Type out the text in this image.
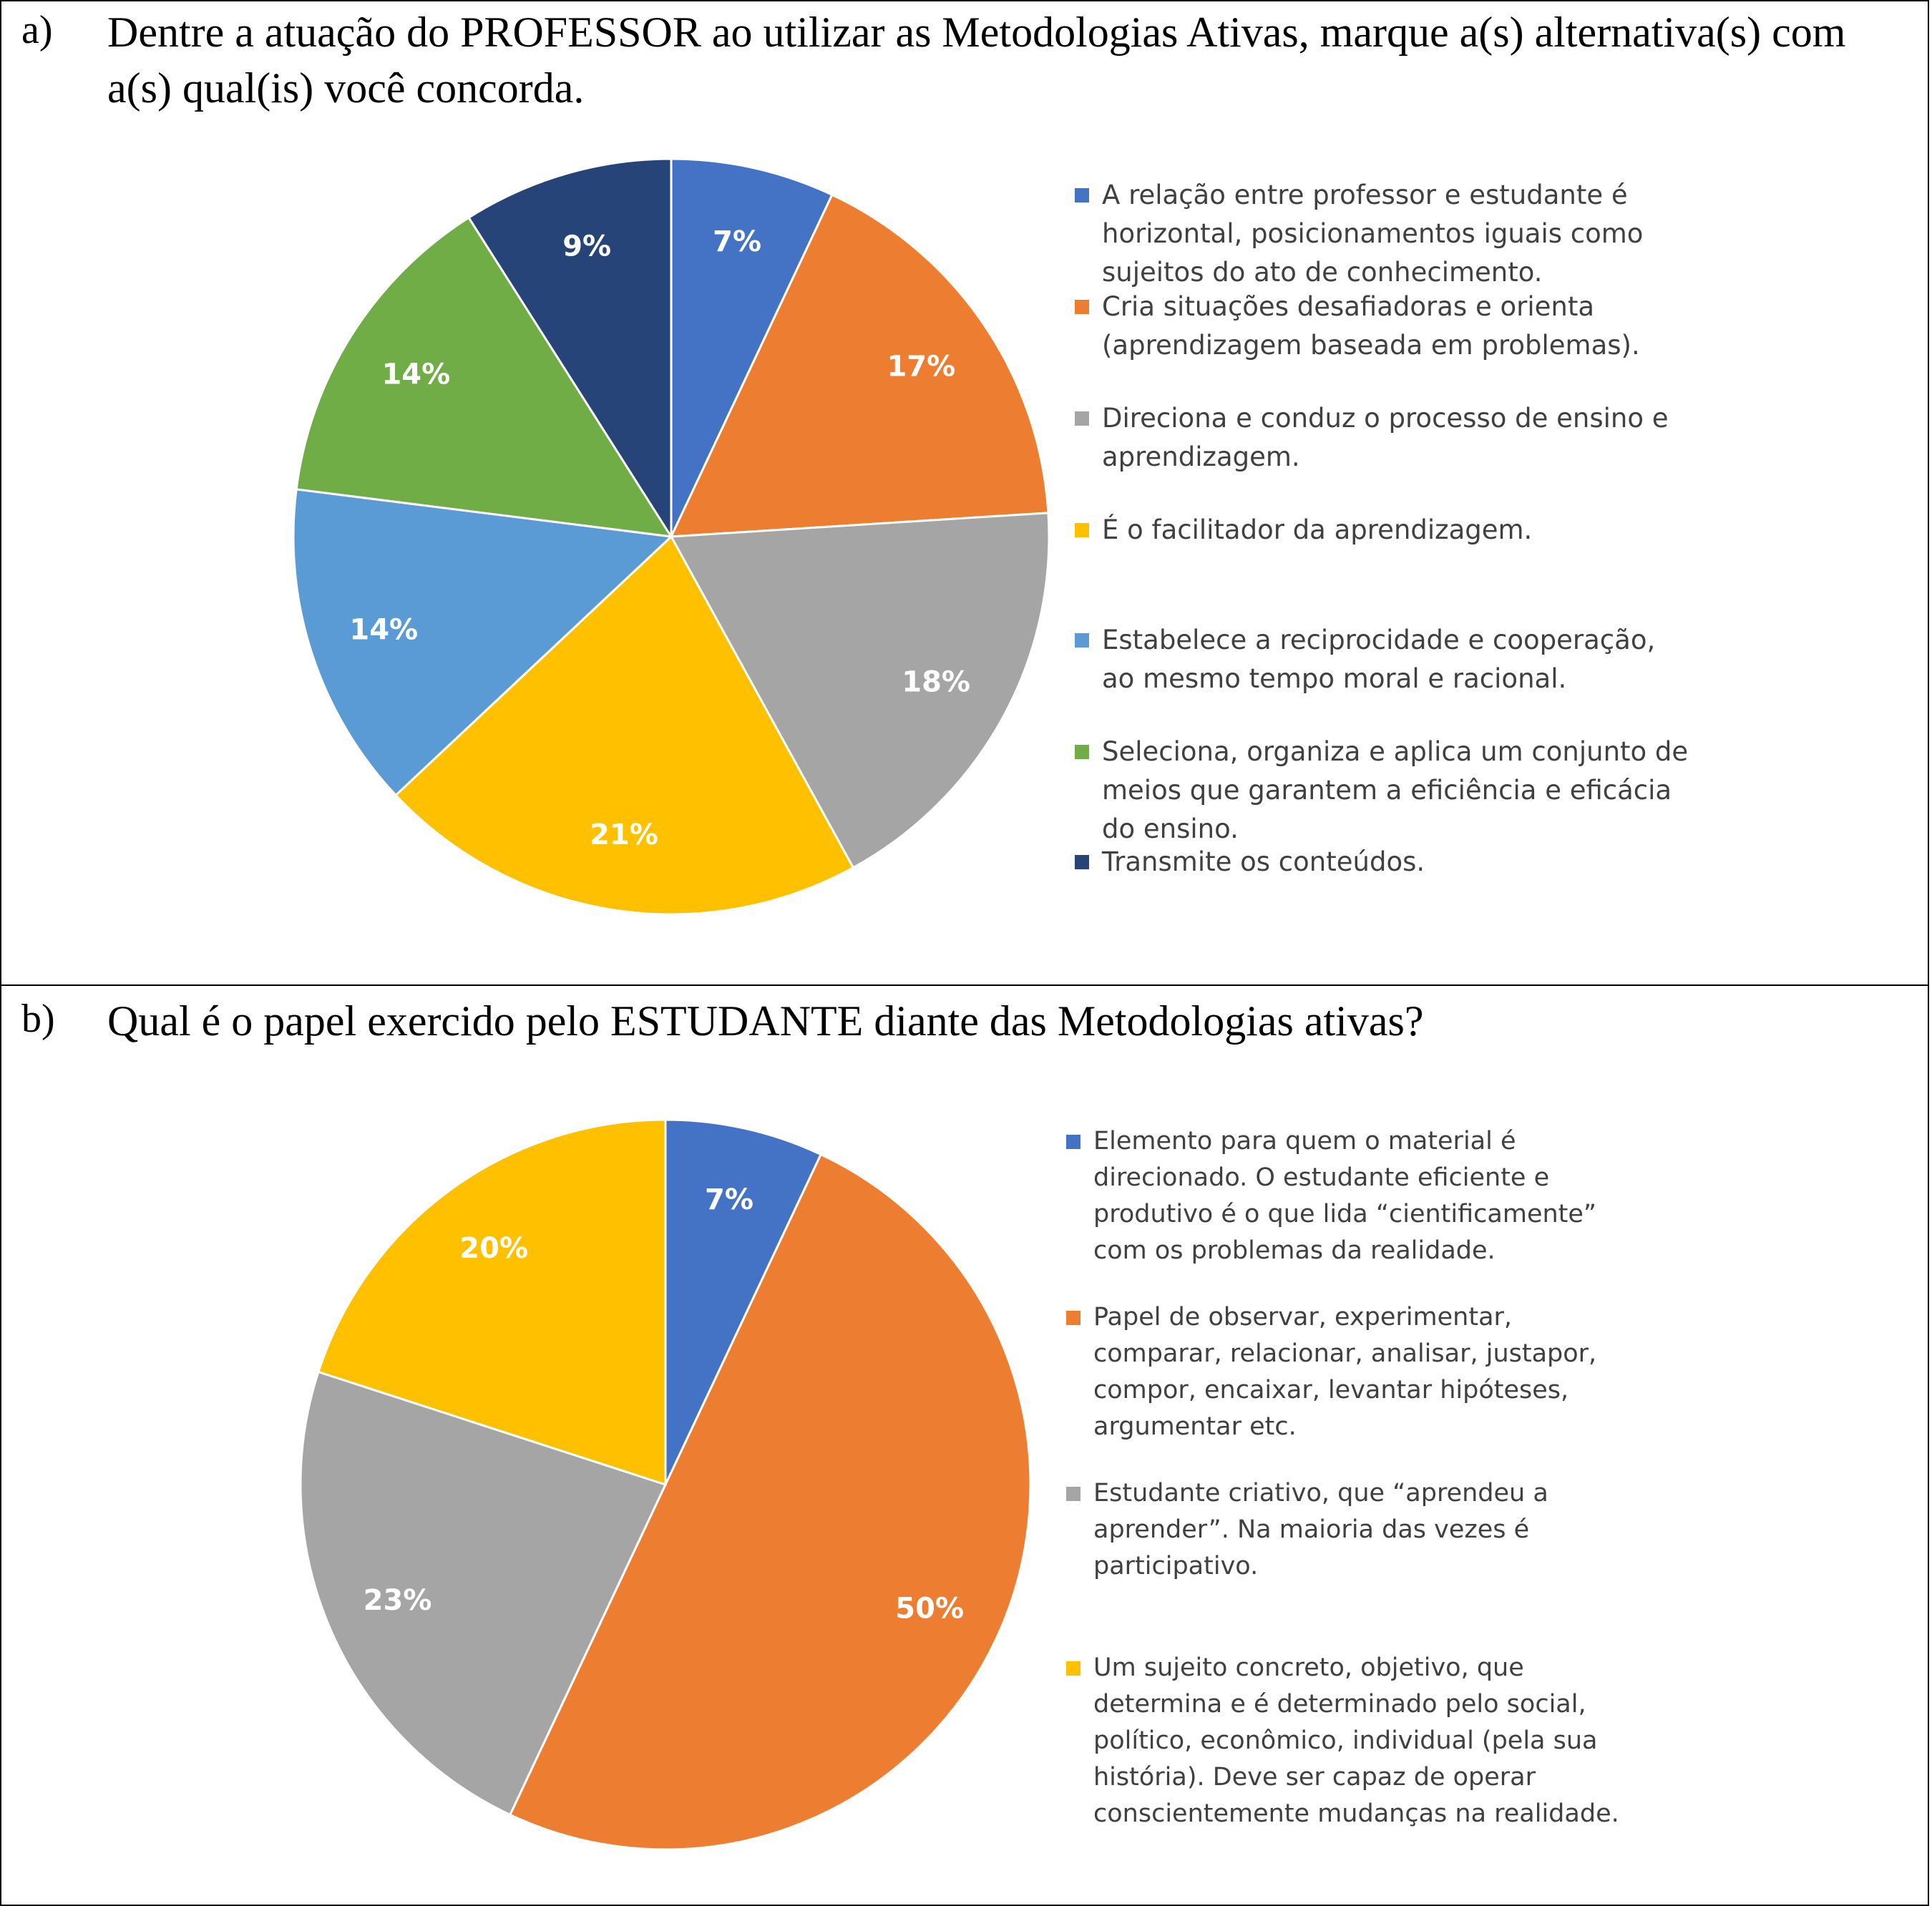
a) Dentre a atuação do PROFESSOR ao utilizar as Metodologias Ativas, marque a(s) alternativa(s) com a(s) qual(is) você concorda.
b) Qual é o papel exercido pelo ESTUDANTE diante das Metodologias ativas?
7%
17%
18%
21%
14%
14%
9%
7%
50%
23%
20%
A relação entre professor e estudante é horizontal, posicionamentos iguais como sujeitos do ato de conhecimento.
Cria situações desafiadoras e orienta (aprendizagem baseada em problemas).
Direciona e conduz o processo de ensino e aprendizagem.
É o facilitador da aprendizagem.
Estabelece a reciprocidade e cooperação, ao mesmo tempo moral e racional.
Seleciona, organiza e aplica um conjunto de meios que garantem a eficiência e eficácia do ensino.
Transmite os conteúdos.
Elemento para quem o material é direcionado. O estudante eficiente e produtivo é o que lida “cientificamente” com os problemas da realidade.
Papel de observar, experimentar, comparar, relacionar, analisar, justapor, compor, encaixar, levantar hipóteses, argumentar etc.
Estudante criativo, que “aprendeu a aprender”. Na maioria das vezes é participativo.
Um sujeito concreto, objetivo, que determina e é determinado pelo social, político, econômico, individual (pela sua história). Deve ser capaz de operar conscientemente mudanças na realidade.
